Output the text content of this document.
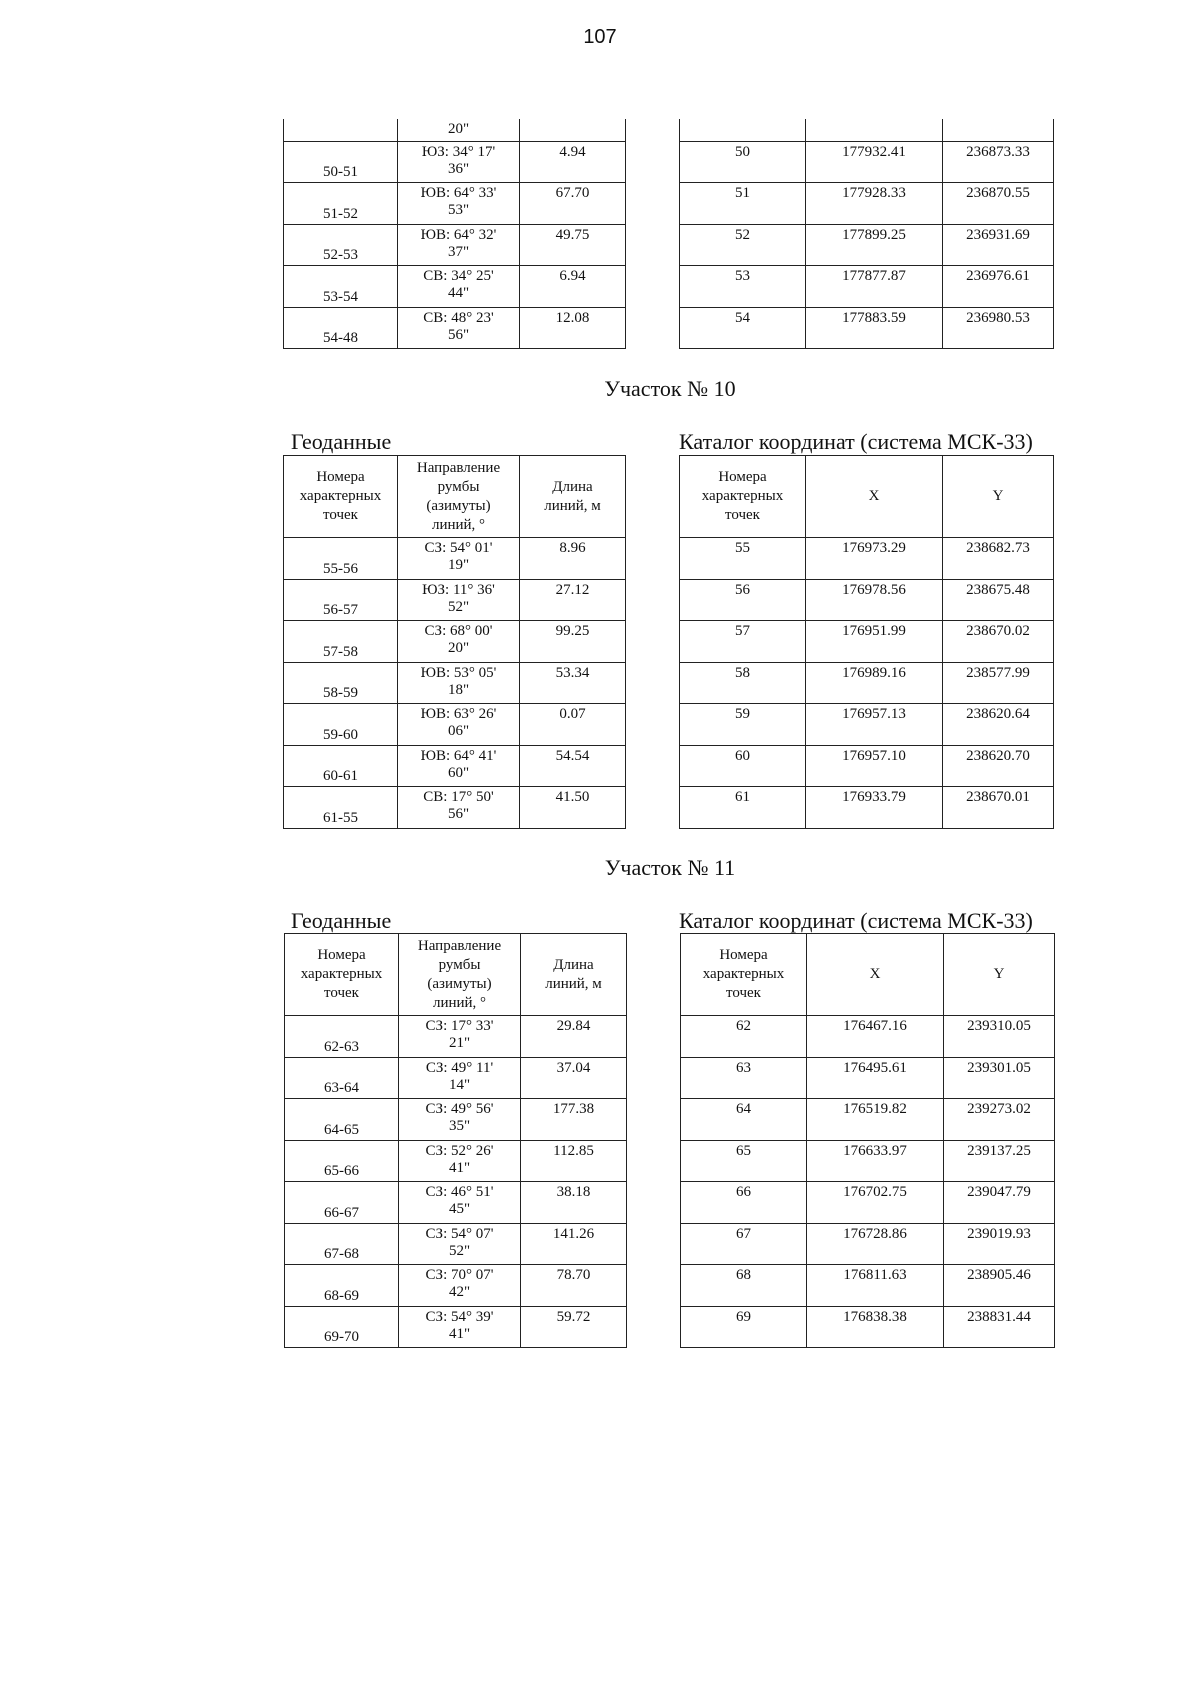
107
	20"	
50-51	ЮЗ: 34° 17'
36"	4.94
51-52	ЮВ: 64° 33'
53"	67.70
52-53	ЮВ: 64° 32'
37"	49.75
53-54	СВ: 34° 25'
44"	6.94
54-48	СВ: 48° 23'
56"	12.08

50	177932.41	236873.33
51	177928.33	236870.55
52	177899.25	236931.69
53	177877.87	236976.61
54	177883.59	236980.53
Участок № 10
Геоданные	Каталог координат (система МСК-33)
Номера
характерных
точек	Направление
румбы
(азимуты)
линий, °	Длина
линий, м

55-56	СЗ: 54° 01'
19"	8.96
56-57	ЮЗ: 11° 36'
52"	27.12
57-58	СЗ: 68° 00'
20"	99.25
58-59	ЮВ: 53° 05'
18"	53.34
59-60	ЮВ: 63° 26'
06"	0.07
60-61	ЮВ: 64° 41'
60"	54.54
61-55	СВ: 17° 50'
56"	41.50
Номера
характерных
точек	X	Y
55	176973.29	238682.73
56	176978.56	238675.48
57	176951.99	238670.02
58	176989.16	238577.99
59	176957.13	238620.64
60	176957.10	238620.70
61	176933.79	238670.01
Участок № 11
Геоданные	Каталог координат (система МСК-33)
Номера
характерных
точек	Направление
румбы
(азимуты)
линий, °	Длина
линий, м

62-63	СЗ: 17° 33'
21"	29.84
63-64	СЗ: 49° 11'
14"	37.04
64-65	СЗ: 49° 56'
35"	177.38
65-66	СЗ: 52° 26'
41"	112.85
66-67	СЗ: 46° 51'
45"	38.18
67-68	СЗ: 54° 07'
52"	141.26
68-69	СЗ: 70° 07'
42"	78.70
69-70	СЗ: 54° 39'
41"	59.72
Номера
характерных
точек	X	Y
62	176467.16	239310.05
63	176495.61	239301.05
64	176519.82	239273.02
65	176633.97	239137.25
66	176702.75	239047.79
67	176728.86	239019.93
68	176811.63	238905.46
69	176838.38	238831.44
